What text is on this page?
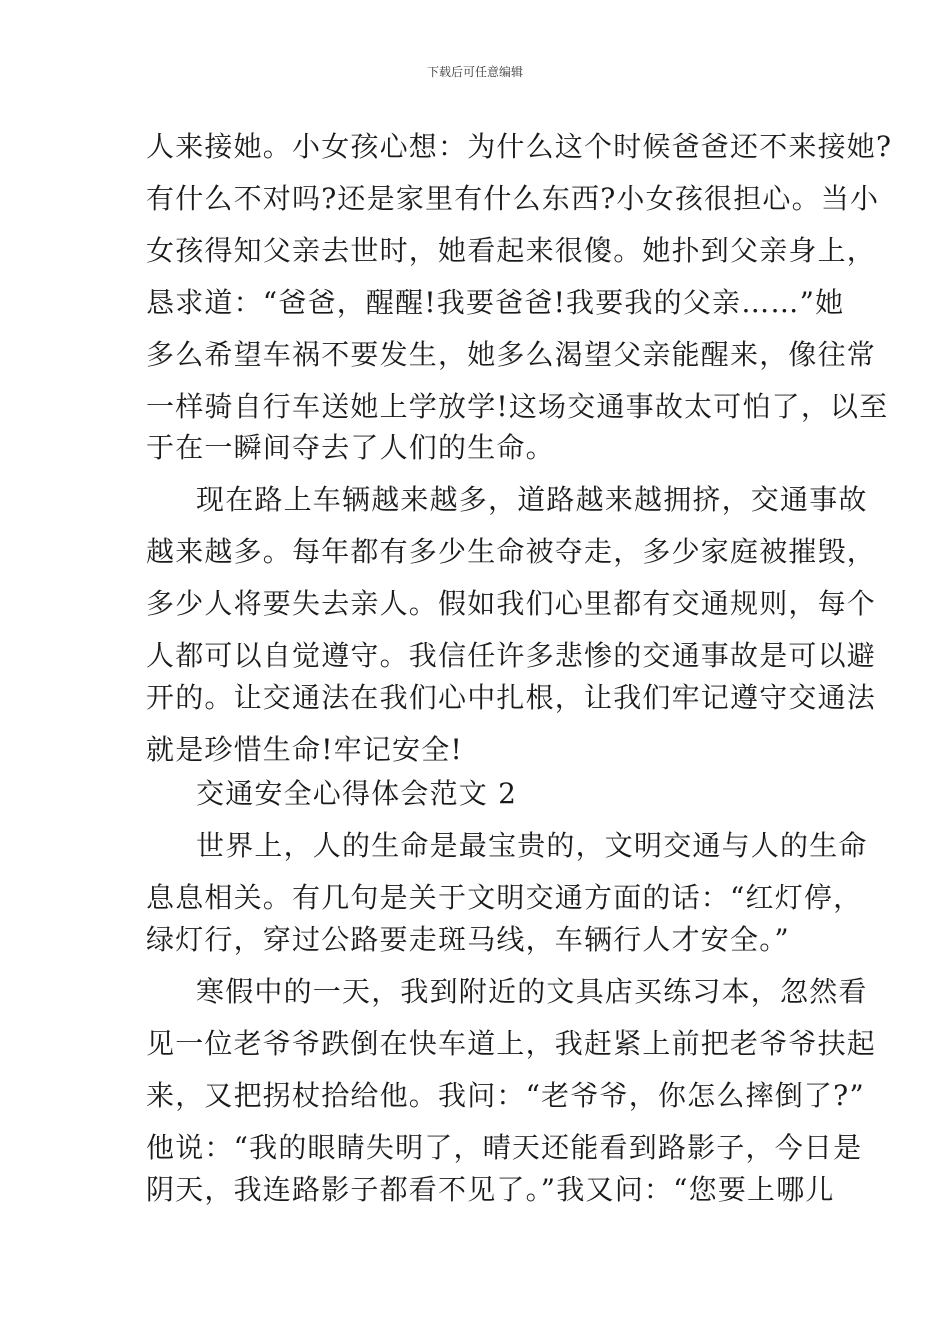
下载后可任意编辑
人来接她。小女孩心想：为什么这个时候爸爸还不来接她?
有什么不对吗?还是家里有什么东西?小女孩很担心。当小
女孩得知父亲去世时，她看起来很傻。她扑到父亲身上，
恳求道：“爸爸，醒醒!我要爸爸!我要我的父亲……”她
多么希望车祸不要发生，她多么渴望父亲能醒来，像往常
一样骑自行车送她上学放学!这场交通事故太可怕了，以至
于在一瞬间夺去了人们的生命。
现在路上车辆越来越多，道路越来越拥挤，交通事故
越来越多。每年都有多少生命被夺走，多少家庭被摧毁，
多少人将要失去亲人。假如我们心里都有交通规则，每个
人都可以自觉遵守。我信任许多悲惨的交通事故是可以避
开的。让交通法在我们心中扎根，让我们牢记遵守交通法
就是珍惜生命!牢记安全!
交通安全心得体会范文 2
世界上，人的生命是最宝贵的，文明交通与人的生命
息息相关。有几句是关于文明交通方面的话：“红灯停，
绿灯行，穿过公路要走斑马线，车辆行人才安全。”
寒假中的一天，我到附近的文具店买练习本，忽然看
见一位老爷爷跌倒在快车道上，我赶紧上前把老爷爷扶起
来，又把拐杖拾给他。我问：“老爷爷，你怎么摔倒了?”
他说：“我的眼睛失明了，晴天还能看到路影子，今日是
阴天，我连路影子都看不见了。”我又问：“您要上哪儿
